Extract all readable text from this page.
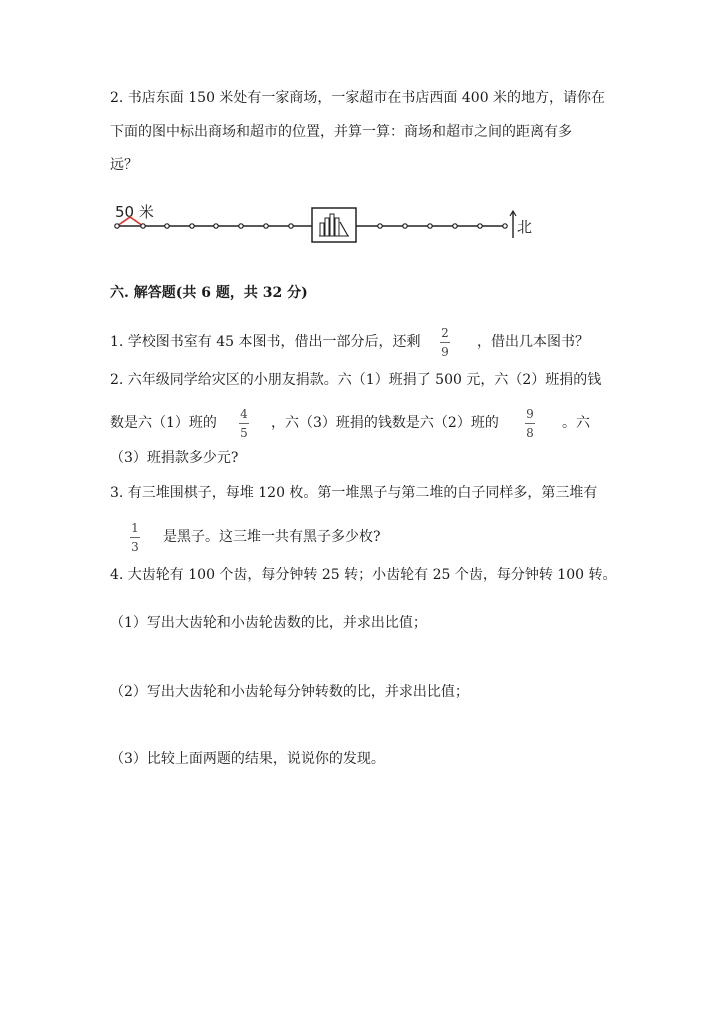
2. 书店东面 150 米处有一家商场，一家超市在书店西面 400 米的地方，请你在
下面的图中标出商场和超市的位置，并算一算：商场和超市之间的距离有多
远？
50 米
北
六. 解答题(共 6 题，共 32 分)
1. 学校图书室有 45 本图书，借出一部分后，还剩
2
9
，借出几本图书？
2. 六年级同学给灾区的小朋友捐款。六（1）班捐了 500 元，六（2）班捐的钱
数是六（1）班的
4
5
，六（3）班捐的钱数是六（2）班的
9
8
。六
（3）班捐款多少元?
3. 有三堆围棋子，每堆 120 枚。第一堆黑子与第二堆的白子同样多，第三堆有
1
3
是黑子。这三堆一共有黑子多少枚?
4. 大齿轮有 100 个齿，每分钟转 25 转；小齿轮有 25 个齿，每分钟转 100 转。
（1）写出大齿轮和小齿轮齿数的比，并求出比值；
（2）写出大齿轮和小齿轮每分钟转数的比，并求出比值；
（3）比较上面两题的结果，说说你的发现。
